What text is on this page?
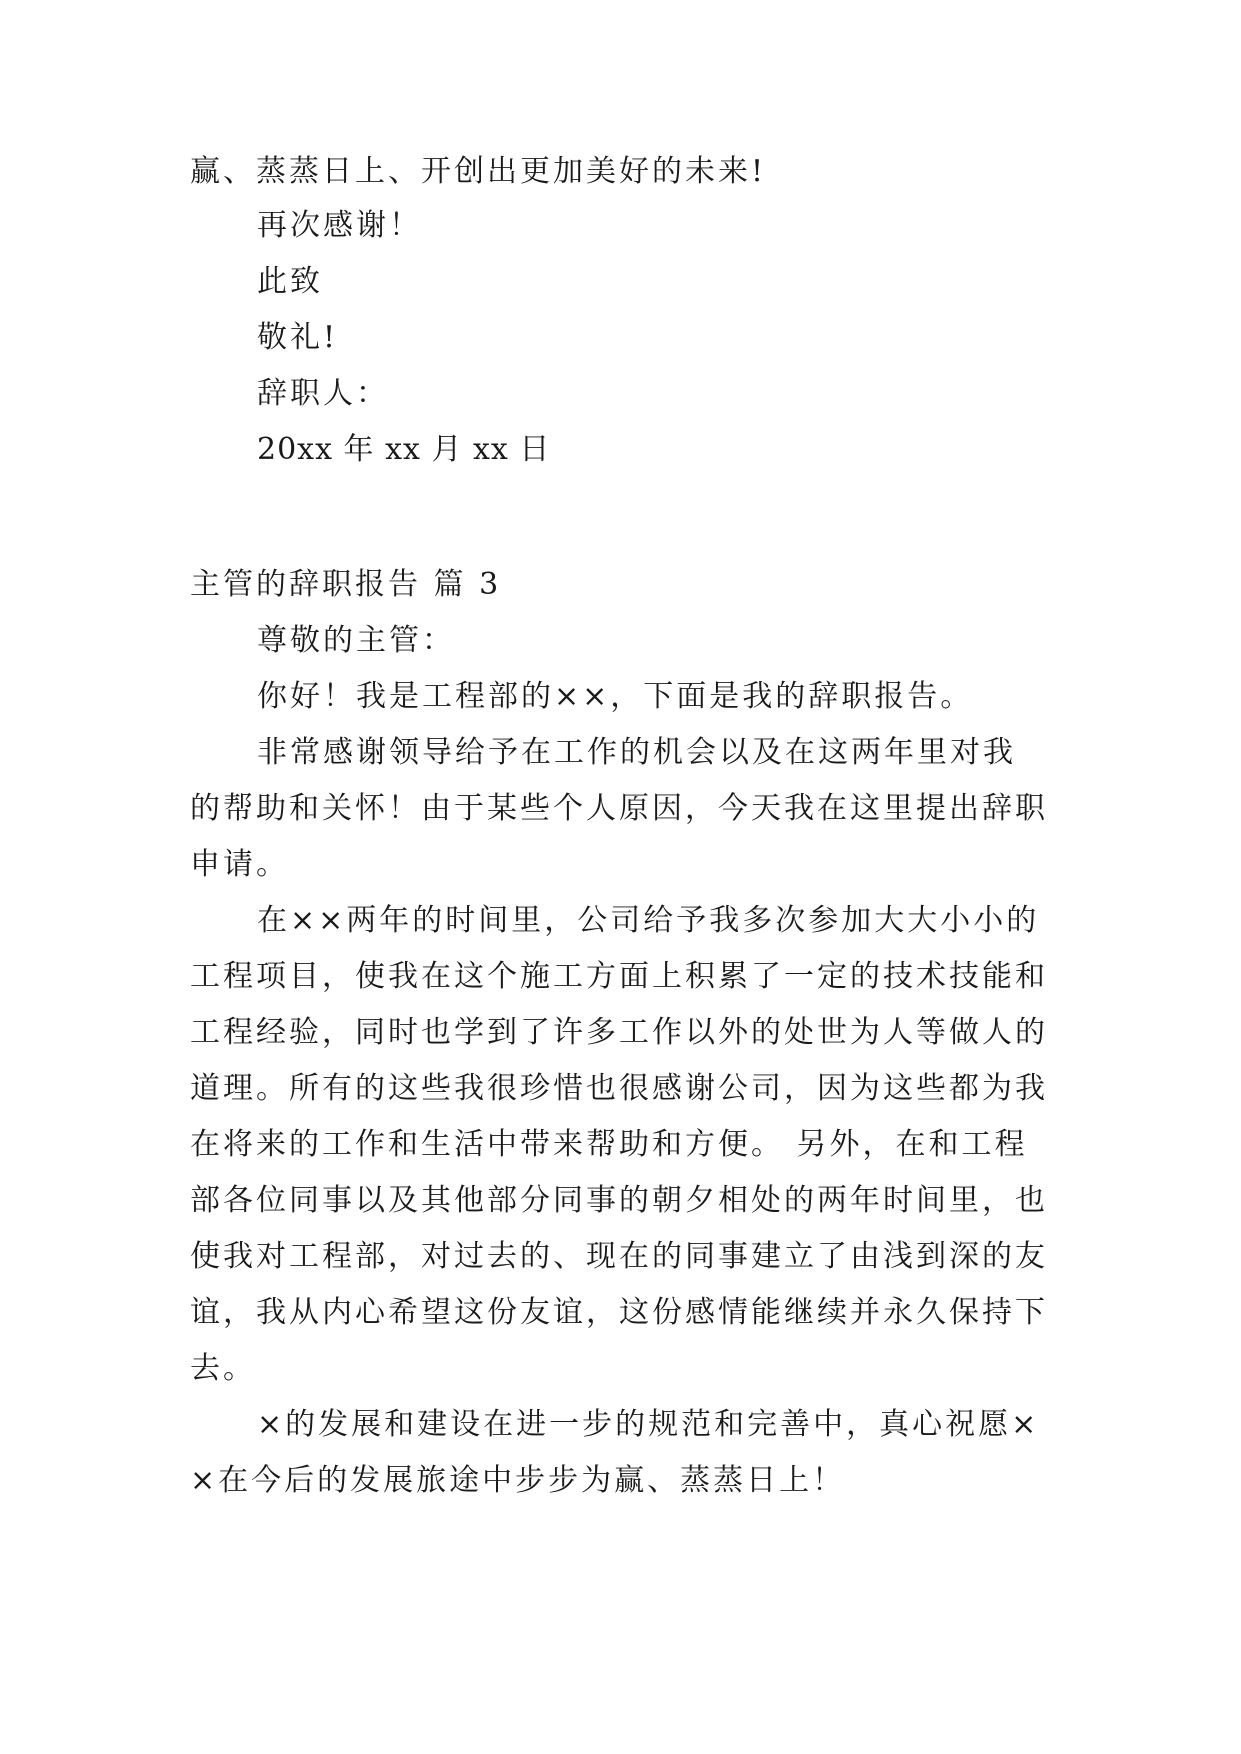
赢、蒸蒸日上、开创出更加美好的未来!
再次感谢！
此致
敬礼!
辞职人：
20xx 年 xx 月 xx 日
主管的辞职报告 篇 3
尊敬的主管：
你好！我是工程部的××，下面是我的辞职报告。
非常感谢领导给予在工作的机会以及在这两年里对我
的帮助和关怀！由于某些个人原因，今天我在这里提出辞职
申请。
在××两年的时间里，公司给予我多次参加大大小小的
工程项目，使我在这个施工方面上积累了一定的技术技能和
工程经验，同时也学到了许多工作以外的处世为人等做人的
道理。所有的这些我很珍惜也很感谢公司，因为这些都为我
在将来的工作和生活中带来帮助和方便。 另外，在和工程
部各位同事以及其他部分同事的朝夕相处的两年时间里，也
使我对工程部，对过去的、现在的同事建立了由浅到深的友
谊，我从内心希望这份友谊，这份感情能继续并永久保持下
去。
×的发展和建设在进一步的规范和完善中，真心祝愿×
×在今后的发展旅途中步步为赢、蒸蒸日上！
